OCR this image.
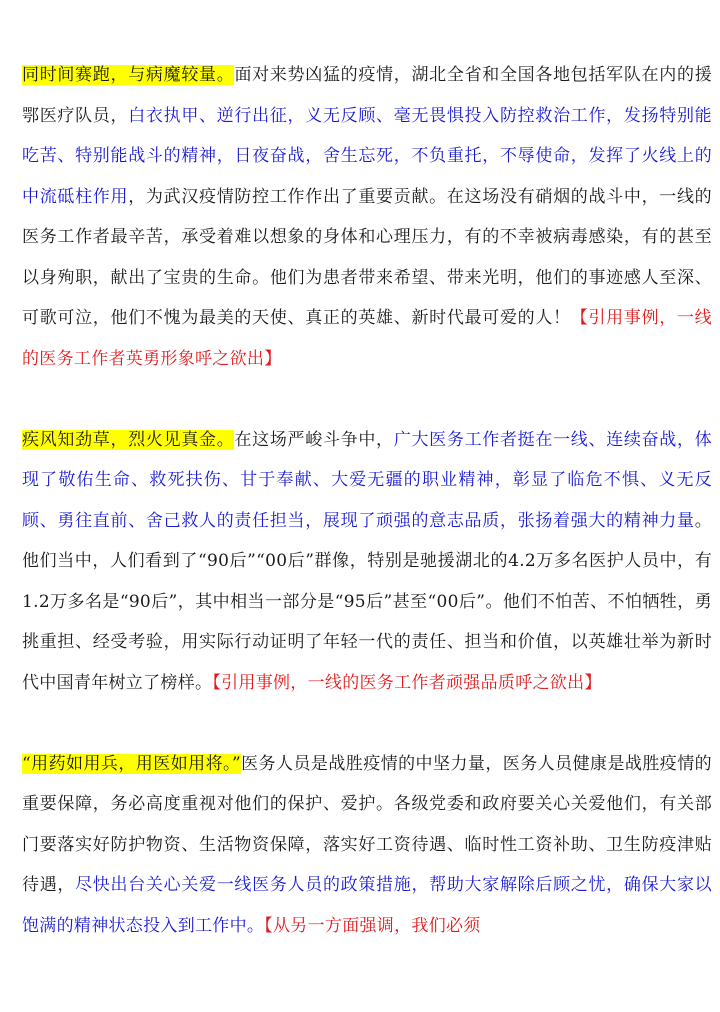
同时间赛跑，与病魔较量。面对来势凶猛的疫情，湖北全省和全国各地包括军队在内的援鄂医疗队员，白衣执甲、逆行出征，义无反顾、毫无畏惧投入防控救治工作，发扬特别能吃苦、特别能战斗的精神，日夜奋战，舍生忘死，不负重托，不辱使命，发挥了火线上的中流砥柱作用，为武汉疫情防控工作作出了重要贡献。在这场没有硝烟的战斗中，一线的医务工作者最辛苦，承受着难以想象的身体和心理压力，有的不幸被病毒感染，有的甚至以身殉职，献出了宝贵的生命。他们为患者带来希望、带来光明，他们的事迹感人至深、可歌可泣，他们不愧为最美的天使、真正的英雄、新时代最可爱的人！【引用事例，一线的医务工作者英勇形象呼之欲出】

疾风知劲草，烈火见真金。在这场严峻斗争中，广大医务工作者挺在一线、连续奋战，体现了敬佑生命、救死扶伤、甘于奉献、大爱无疆的职业精神，彰显了临危不惧、义无反顾、勇往直前、舍己救人的责任担当，展现了顽强的意志品质，张扬着强大的精神力量。他们当中，人们看到了“90后”“00后”群像，特别是驰援湖北的4.2万多名医护人员中，有1.2万多名是“90后”，其中相当一部分是“95后”甚至“00后”。他们不怕苦、不怕牺牲，勇挑重担、经受考验，用实际行动证明了年轻一代的责任、担当和价值，以英雄壮举为新时代中国青年树立了榜样。【引用事例，一线的医务工作者顽强品质呼之欲出】

“用药如用兵，用医如用将。”医务人员是战胜疫情的中坚力量，医务人员健康是战胜疫情的重要保障，务必高度重视对他们的保护、爱护。各级党委和政府要关心关爱他们，有关部门要落实好防护物资、生活物资保障，落实好工资待遇、临时性工资补助、卫生防疫津贴待遇，尽快出台关心关爱一线医务人员的政策措施，帮助大家解除后顾之忧，确保大家以饱满的精神状态投入到工作中。【从另一方面强调，我们必须
